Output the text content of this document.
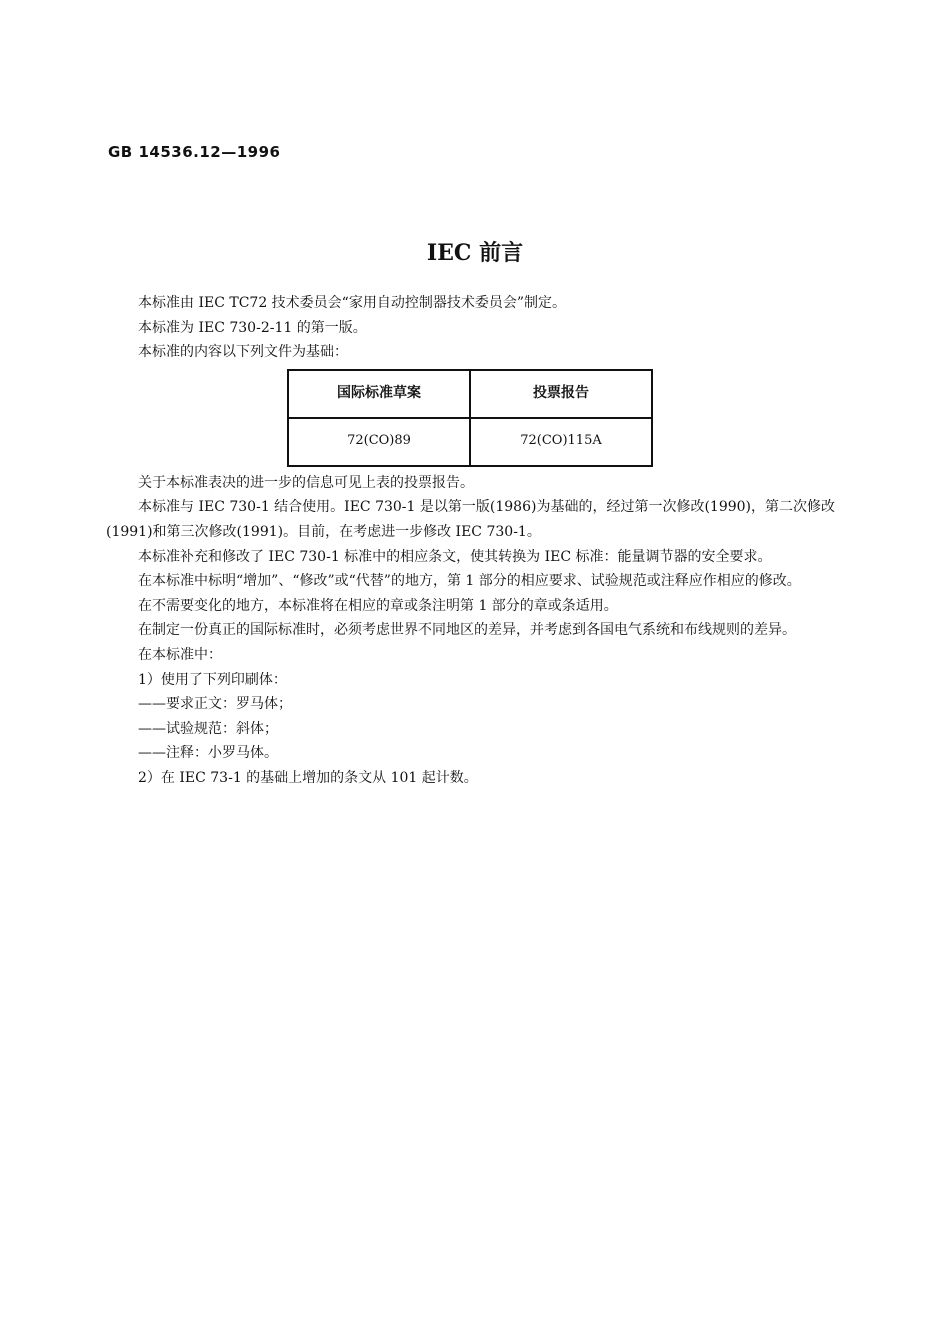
GB 14536.12—1996
IEC 前言

本标准由 IEC TC72 技术委员会“家用自动控制器技术委员会”制定。

本标准为 IEC 730-2-11 的第一版。

本标准的内容以下列文件为基础：

国际标准草案	投票报告
72(CO)89	72(CO)115A

关于本标准表决的进一步的信息可见上表的投票报告。

本标准与 IEC 730-1 结合使用。IEC 730-1 是以第一版(1986)为基础的，经过第一次修改(1990)，第二次修改(1991)和第三次修改(1991)。目前，在考虑进一步修改 IEC 730-1。

本标准补充和修改了 IEC 730-1 标准中的相应条文，使其转换为 IEC 标准：能量调节器的安全要求。

在本标准中标明“增加”、“修改”或“代替”的地方，第 1 部分的相应要求、试验规范或注释应作相应的修改。

在不需要变化的地方，本标准将在相应的章或条注明第 1 部分的章或条适用。

在制定一份真正的国际标准时，必须考虑世界不同地区的差异，并考虑到各国电气系统和布线规则的差异。

在本标准中：

1）使用了下列印刷体：

——要求正文：罗马体；

——试验规范：斜体；

——注释：小罗马体。

2）在 IEC 73-1 的基础上增加的条文从 101 起计数。
